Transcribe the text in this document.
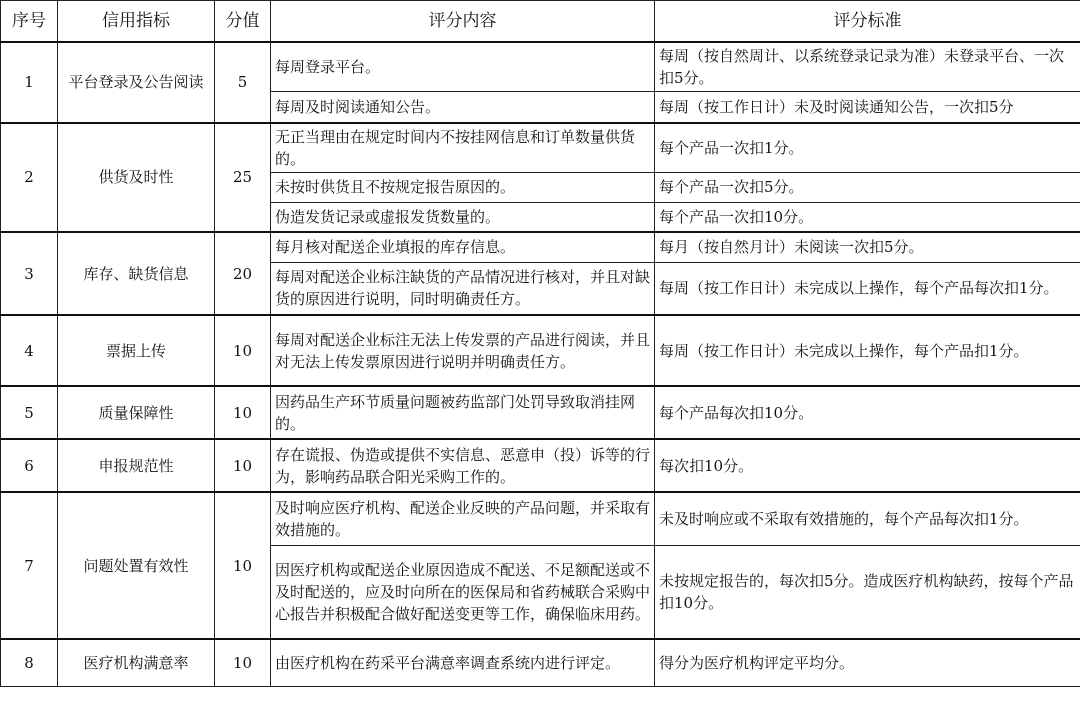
序号	信用指标	分值	评分内容	评分标准
1	平台登录及公告阅读	5	每周登录平台。	每周（按自然周计、以系统登录记录为准）未登录平台、一次扣5分。
			每周及时阅读通知公告。	每周（按工作日计）未及时阅读通知公告，一次扣5分
2	供货及时性	25	无正当理由在规定时间内不按挂网信息和订单数量供货的。	每个产品一次扣1分。
			未按时供货且不按规定报告原因的。	每个产品一次扣5分。
			伪造发货记录或虚报发货数量的。	每个产品一次扣10分。
3	库存、缺货信息	20	每月核对配送企业填报的库存信息。	每月（按自然月计）未阅读一次扣5分。
			每周对配送企业标注缺货的产品情况进行核对，并且对缺货的原因进行说明，同时明确责任方。	每周（按工作日计）未完成以上操作，每个产品每次扣1分。
4	票据上传	10	每周对配送企业标注无法上传发票的产品进行阅读，并且对无法上传发票原因进行说明并明确责任方。	每周（按工作日计）未完成以上操作，每个产品扣1分。
5	质量保障性	10	因药品生产环节质量问题被药监部门处罚导致取消挂网的。	每个产品每次扣10分。
6	申报规范性	10	存在谎报、伪造或提供不实信息、恶意申（投）诉等的行为，影响药品联合阳光采购工作的。	每次扣10分。
7	问题处置有效性	10	及时响应医疗机构、配送企业反映的产品问题，并采取有效措施的。	未及时响应或不采取有效措施的，每个产品每次扣1分。
			因医疗机构或配送企业原因造成不配送、不足额配送或不及时配送的，应及时向所在的医保局和省药械联合采购中心报告并积极配合做好配送变更等工作，确保临床用药。	未按规定报告的，每次扣5分。造成医疗机构缺药，按每个产品扣10分。
8	医疗机构满意率	10	由医疗机构在药采平台满意率调查系统内进行评定。	得分为医疗机构评定平均分。
